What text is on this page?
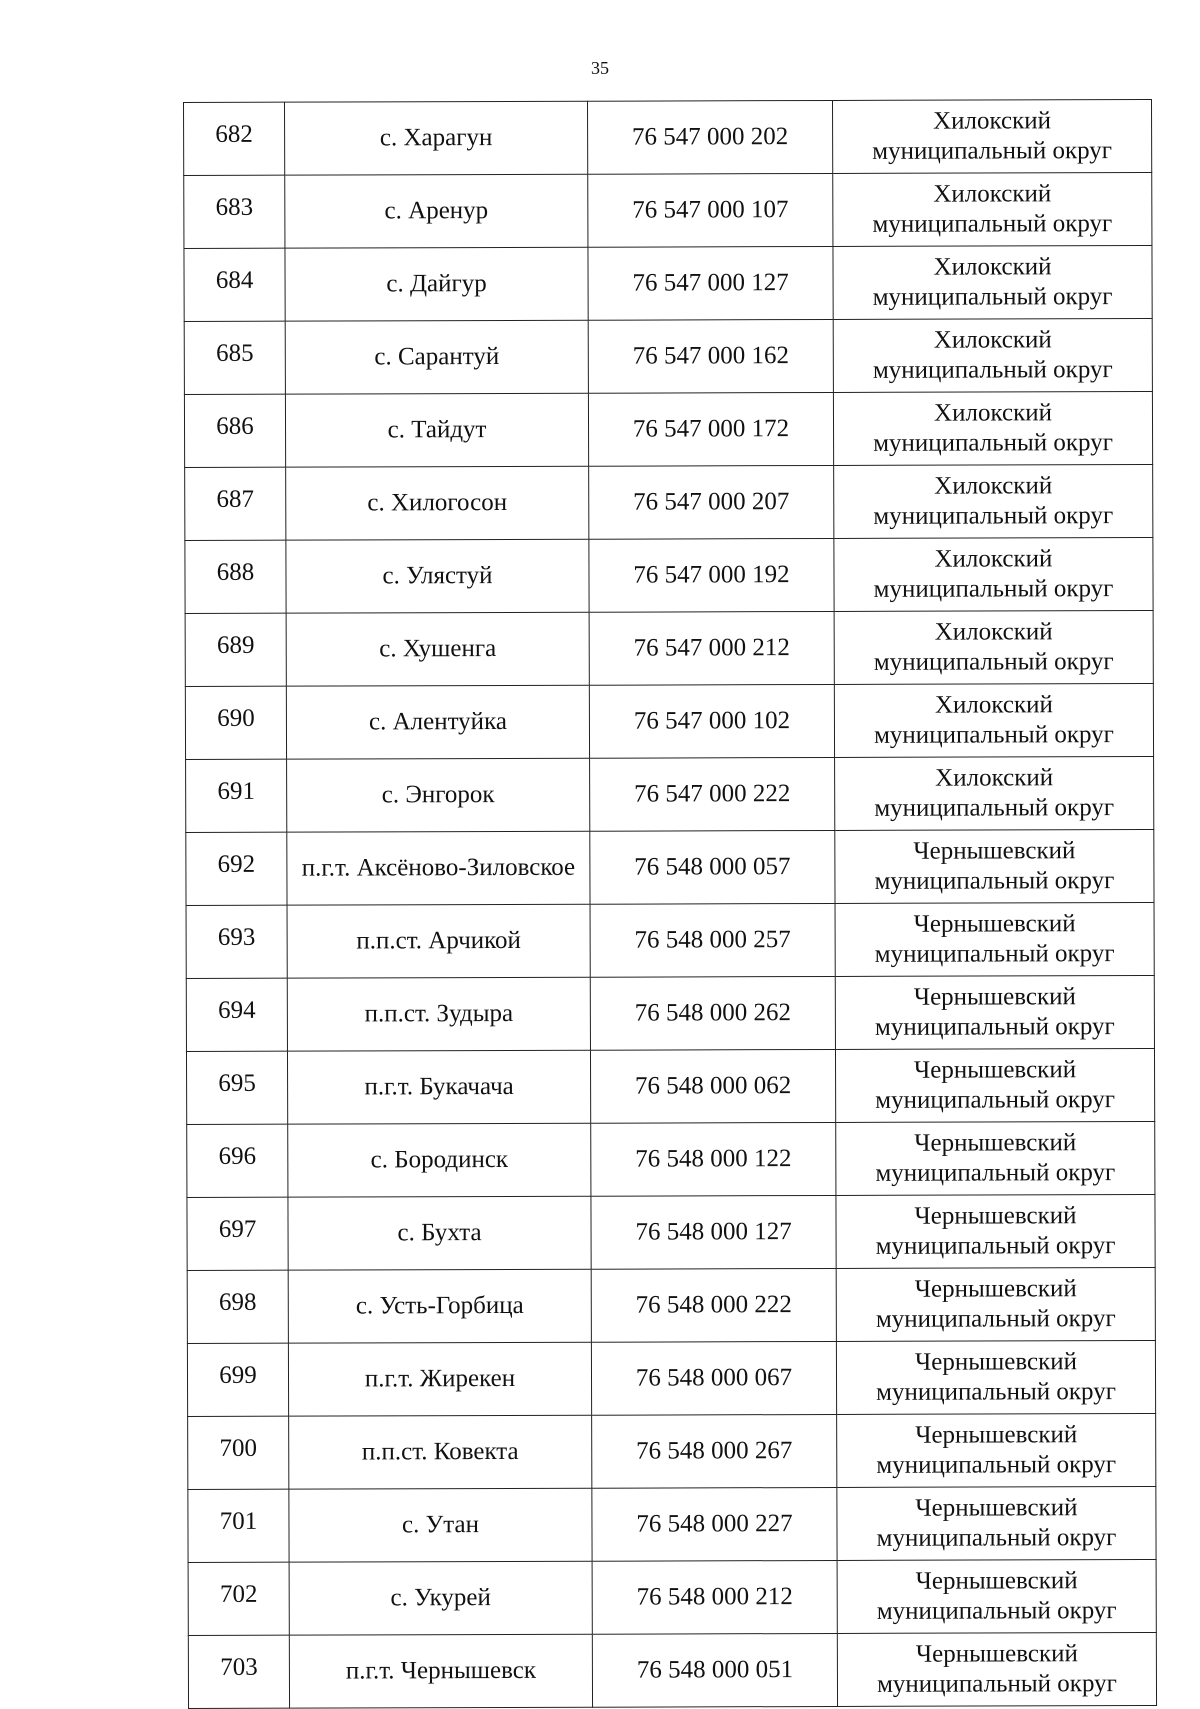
35
682	с. Харагун	76 547 000 202	Хилокский
муниципальный округ

683	с. Аренур	76 547 000 107	Хилокский
муниципальный округ

684	с. Дайгур	76 547 000 127	Хилокский
муниципальный округ

685	с. Сарантуй	76 547 000 162	Хилокский
муниципальный округ

686	с. Тайдут	76 547 000 172	Хилокский
муниципальный округ

687	с. Хилогосон	76 547 000 207	Хилокский
муниципальный округ

688	с. Улястуй	76 547 000 192	Хилокский
муниципальный округ

689	с. Хушенга	76 547 000 212	Хилокский
муниципальный округ

690	с. Алентуйка	76 547 000 102	Хилокский
муниципальный округ

691	с. Энгорок	76 547 000 222	Хилокский
муниципальный округ

692	п.г.т. Аксёново-Зиловское	76 548 000 057	Чернышевский
муниципальный округ

693	п.п.ст. Арчикой	76 548 000 257	Чернышевский
муниципальный округ

694	п.п.ст. Зудыра	76 548 000 262	Чернышевский
муниципальный округ

695	п.г.т. Букачача	76 548 000 062	Чернышевский
муниципальный округ

696	с. Бородинск	76 548 000 122	Чернышевский
муниципальный округ

697	с. Бухта	76 548 000 127	Чернышевский
муниципальный округ

698	с. Усть-Горбица	76 548 000 222	Чернышевский
муниципальный округ

699	п.г.т. Жирекен	76 548 000 067	Чернышевский
муниципальный округ

700	п.п.ст. Ковекта	76 548 000 267	Чернышевский
муниципальный округ

701	с. Утан	76 548 000 227	Чернышевский
муниципальный округ

702	с. Укурей	76 548 000 212	Чернышевский
муниципальный округ

703	п.г.т. Чернышевск	76 548 000 051	Чернышевский
муниципальный округ
